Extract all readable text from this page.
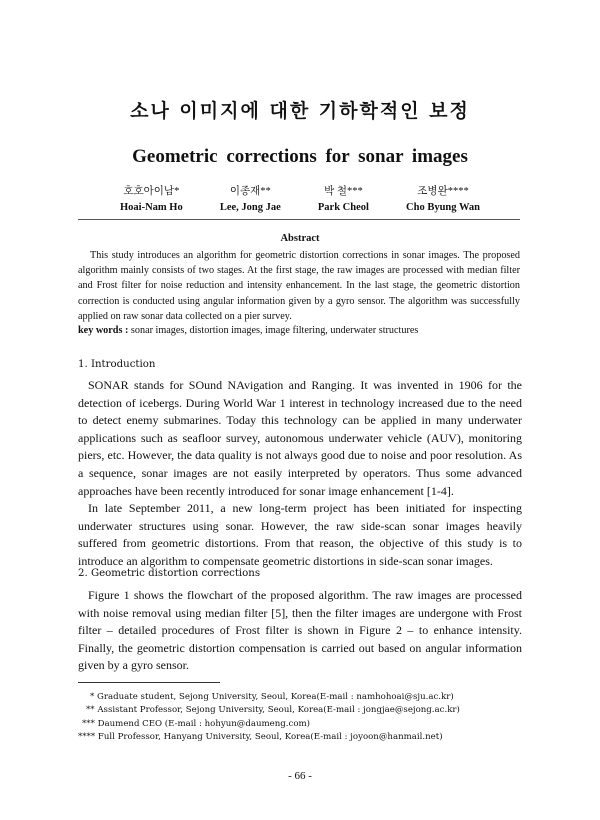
소나 이미지에 대한 기하학적인 보정
Geometric corrections for sonar images
호호아이남*
Hoai-Nam Ho
이종재**
Lee, Jong Jae
박 철***
Park Cheol
조병완****
Cho Byung Wan
Abstract

This study introduces an algorithm for geometric distortion corrections in sonar images. The proposed algorithm mainly consists of two stages. At the first stage, the raw images are processed with median filter and Frost filter for noise reduction and intensity enhancement. In the last stage, the geometric distortion correction is conducted using angular information given by a gyro sensor. The algorithm was successfully applied on raw sonar data collected on a pier survey.

key words : sonar images, distortion images, image filtering, underwater structures

1. Introduction

SONAR stands for SOund NAvigation and Ranging. It was invented in 1906 for the detection of icebergs. During World War 1 interest in technology increased due to the need to detect enemy submarines. Today this technology can be applied in many underwater applications such as seafloor survey, autonomous underwater vehicle (AUV), monitoring piers, etc. However, the data quality is not always good due to noise and poor resolution. As a sequence, sonar images are not easily interpreted by operators. Thus some advanced approaches have been recently introduced for sonar image enhancement [1-4].

In late September 2011, a new long-term project has been initiated for inspecting underwater structures using sonar. However, the raw side-scan sonar images heavily suffered from geometric distortions. From that reason, the objective of this study is to introduce an algorithm to compensate geometric distortions in side-scan sonar images.

2. Geometric distortion corrections

Figure 1 shows the flowchart of the proposed algorithm. The raw images are processed with noise removal using median filter [5], then the filter images are undergone with Frost filter – detailed procedures of Frost filter is shown in Figure 2 – to enhance intensity. Finally, the geometric distortion compensation is carried out based on angular information given by a gyro sensor.

* Graduate student, Sejong University, Seoul, Korea(E-mail : namhohoai@sju.ac.kr)
** Assistant Professor, Sejong University, Seoul, Korea(E-mail : jongjae@sejong.ac.kr)
*** Daumend CEO (E-mail : hohyun@daumeng.com)
**** Full Professor, Hanyang University, Seoul, Korea(E-mail : joyoon@hanmail.net)
- 66 -
